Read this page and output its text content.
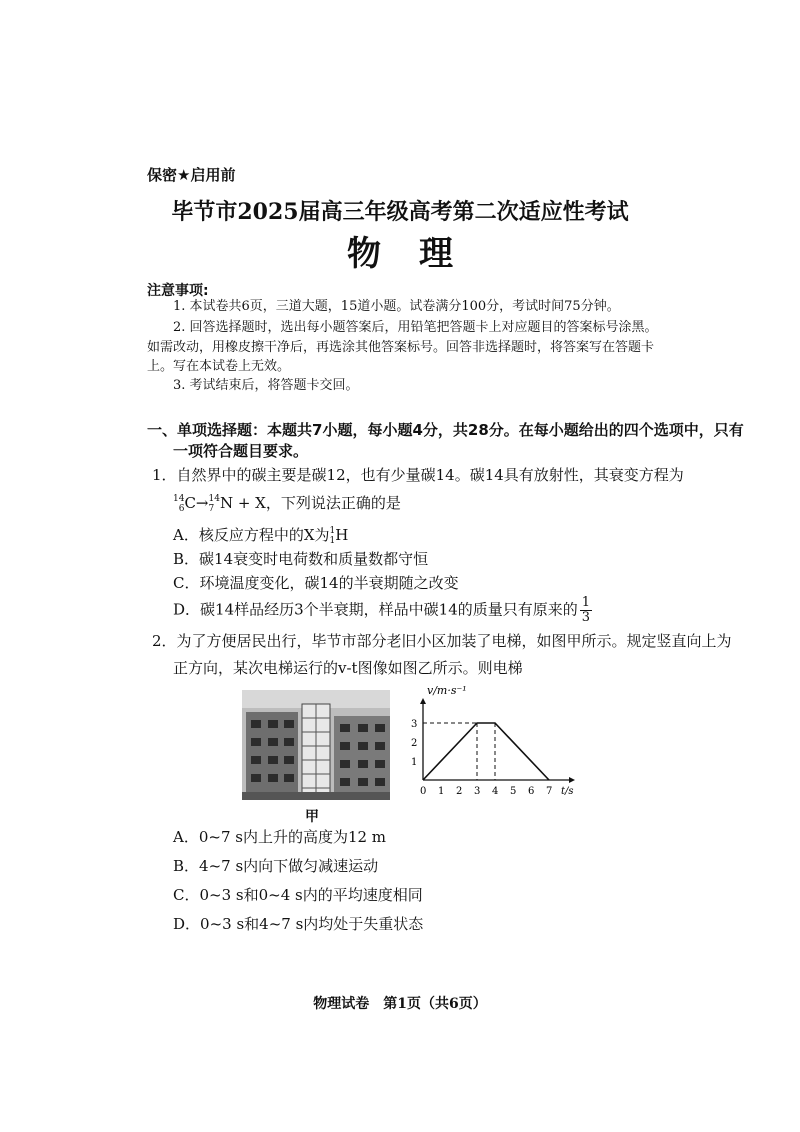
保密★启用前
毕节市2025届高三年级高考第二次适应性考试
物理
注意事项:
1. 本试卷共6页，三道大题，15道小题。试卷满分100分，考试时间75分钟。
2. 回答选择题时，选出每小题答案后，用铅笔把答题卡上对应题目的答案标号涂黑。
如需改动，用橡皮擦干净后，再选涂其他答案标号。回答非选择题时，将答案写在答题卡
上。写在本试卷上无效。
3. 考试结束后，将答题卡交回。
一、单项选择题：本题共7小题，每小题4分，共28分。在每小题给出的四个选项中，只有
一项符合题目要求。
1．自然界中的碳主要是碳12，也有少量碳14。碳14具有放射性，其衰变方程为
14
6 C→ 14
7 N + X，下列说法正确的是
A．核反应方程中的X为 1
1 H
B．碳14衰变时电荷数和质量数都守恒
C．环境温度变化，碳14的半衰期随之改变
D．碳14样品经历3个半衰期，样品中碳14的质量只有原来的 $\frac{1}{3}$
2．为了方便居民出行，毕节市部分老旧小区加装了电梯，如图甲所示。规定竖直向上为
正方向，某次电梯运行的v-t图像如图乙所示。则电梯
甲
v/m·s⁻¹
t/s
0 1 2 3 4 5 6 7
1
2
3
A．0~7 s内上升的高度为12 m
B．4~7 s内向下做匀减速运动
C．0~3 s和0~4 s内的平均速度相同
D．0~3 s和4~7 s内均处于失重状态
物理试卷　第1页（共6页）
